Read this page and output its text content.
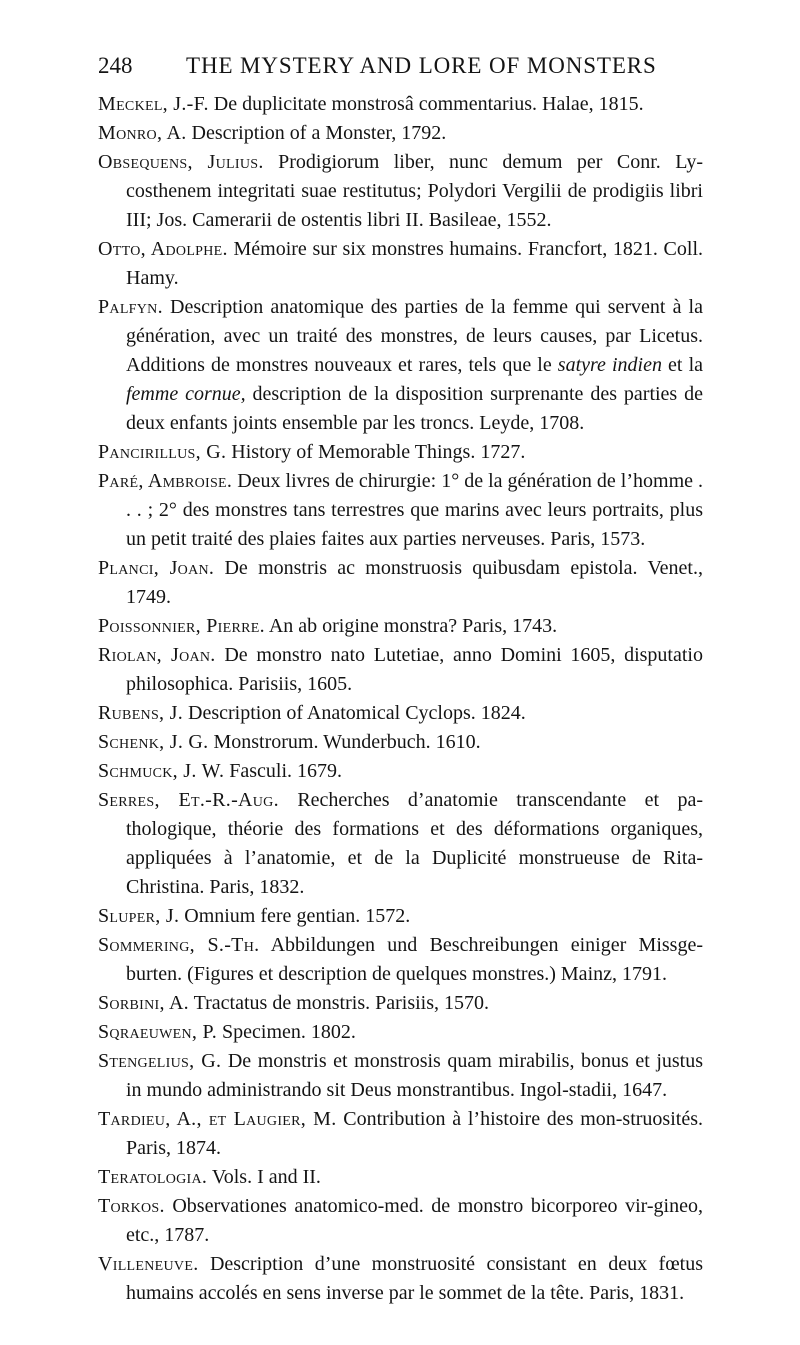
248 THE MYSTERY AND LORE OF MONSTERS
Meckel, J.-F. De duplicitate monstrosâ commentarius. Halae, 1815.
Monro, A. Description of a Monster, 1792.
Obsequens, Julius. Prodigiorum liber, nunc demum per Conr. Ly-costhenem integritati suae restitutus; Polydori Vergilii de prodigiis libri III; Jos. Camerarii de ostentis libri II. Basileae, 1552.
Otto, Adolphe. Mémoire sur six monstres humains. Francfort, 1821. Coll. Hamy.
Palfyn. Description anatomique des parties de la femme qui servent à la génération, avec un traité des monstres, de leurs causes, par Licetus. Additions de monstres nouveaux et rares, tels que le satyre indien et la femme cornue, description de la disposition surprenante des parties de deux enfants joints ensemble par les troncs. Leyde, 1708.
Pancirillus, G. History of Memorable Things. 1727.
Paré, Ambroise. Deux livres de chirurgie: 1° de la génération de l’homme . . . ; 2° des monstres tans terrestres que marins avec leurs portraits, plus un petit traité des plaies faites aux parties nerveuses. Paris, 1573.
Planci, Joan. De monstris ac monstruosis quibusdam epistola. Venet., 1749.
Poissonnier, Pierre. An ab origine monstra? Paris, 1743.
Riolan, Joan. De monstro nato Lutetiae, anno Domini 1605, disputatio philosophica. Parisiis, 1605.
Rubens, J. Description of Anatomical Cyclops. 1824.
Schenk, J. G. Monstrorum. Wunderbuch. 1610.
Schmuck, J. W. Fasculi. 1679.
Serres, Et.-R.-Aug. Recherches d’anatomie transcendante et pa-thologique, théorie des formations et des déformations organiques, appliquées à l’anatomie, et de la Duplicité monstrueuse de Rita-Christina. Paris, 1832.
Sluper, J. Omnium fere gentian. 1572.
Sommering, S.-Th. Abbildungen und Beschreibungen einiger Missge-burten. (Figures et description de quelques monstres.) Mainz, 1791.
Sorbini, A. Tractatus de monstris. Parisiis, 1570.
Sqraeuwen, P. Specimen. 1802.
Stengelius, G. De monstris et monstrosis quam mirabilis, bonus et justus in mundo administrando sit Deus monstrantibus. Ingol-stadii, 1647.
Tardieu, A., et Laugier, M. Contribution à l’histoire des mon-struosités. Paris, 1874.
Teratologia. Vols. I and II.
Torkos. Observationes anatomico-med. de monstro bicorporeo vir-gineo, etc., 1787.
Villeneuve. Description d’une monstruosité consistant en deux fœtus humains accolés en sens inverse par le sommet de la tête. Paris, 1831.
